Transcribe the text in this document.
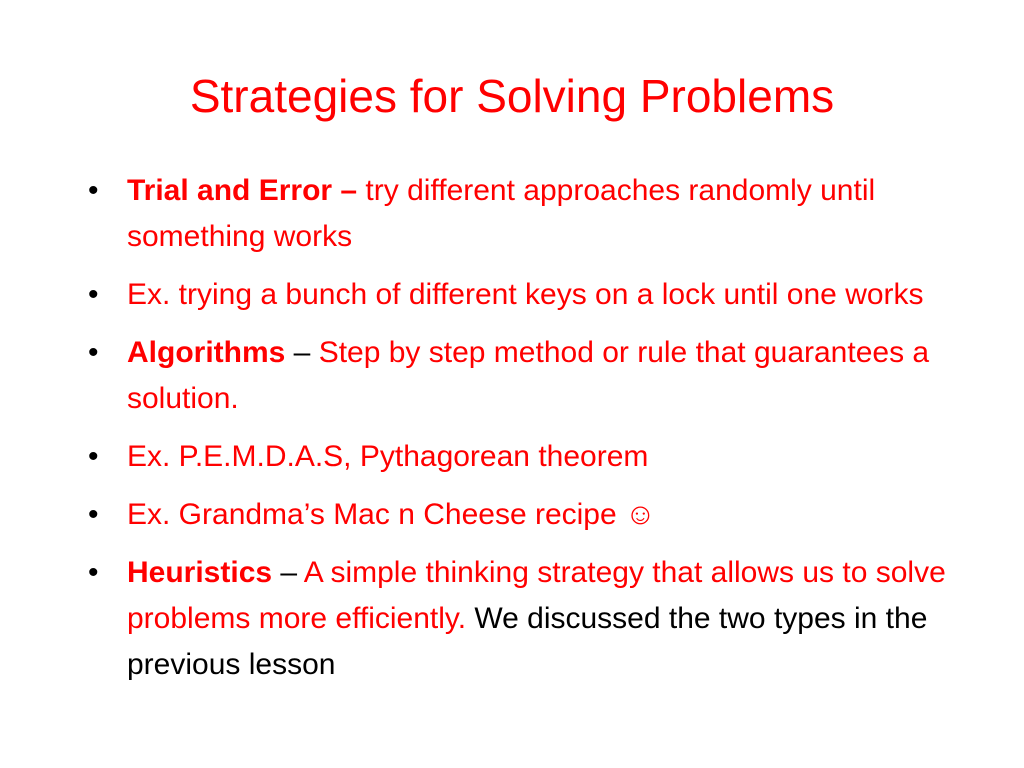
Strategies for Solving Problems
• Trial and Error – try different approaches randomly until something works
• Ex. trying a bunch of different keys on a lock until one works
• Algorithms – Step by step method or rule that guarantees a solution.
• Ex. P.E.M.D.A.S, Pythagorean theorem
• Ex. Grandma’s Mac n Cheese recipe ☺
• Heuristics – A simple thinking strategy that allows us to solve problems more efficiently. We discussed the two types in the previous lesson
